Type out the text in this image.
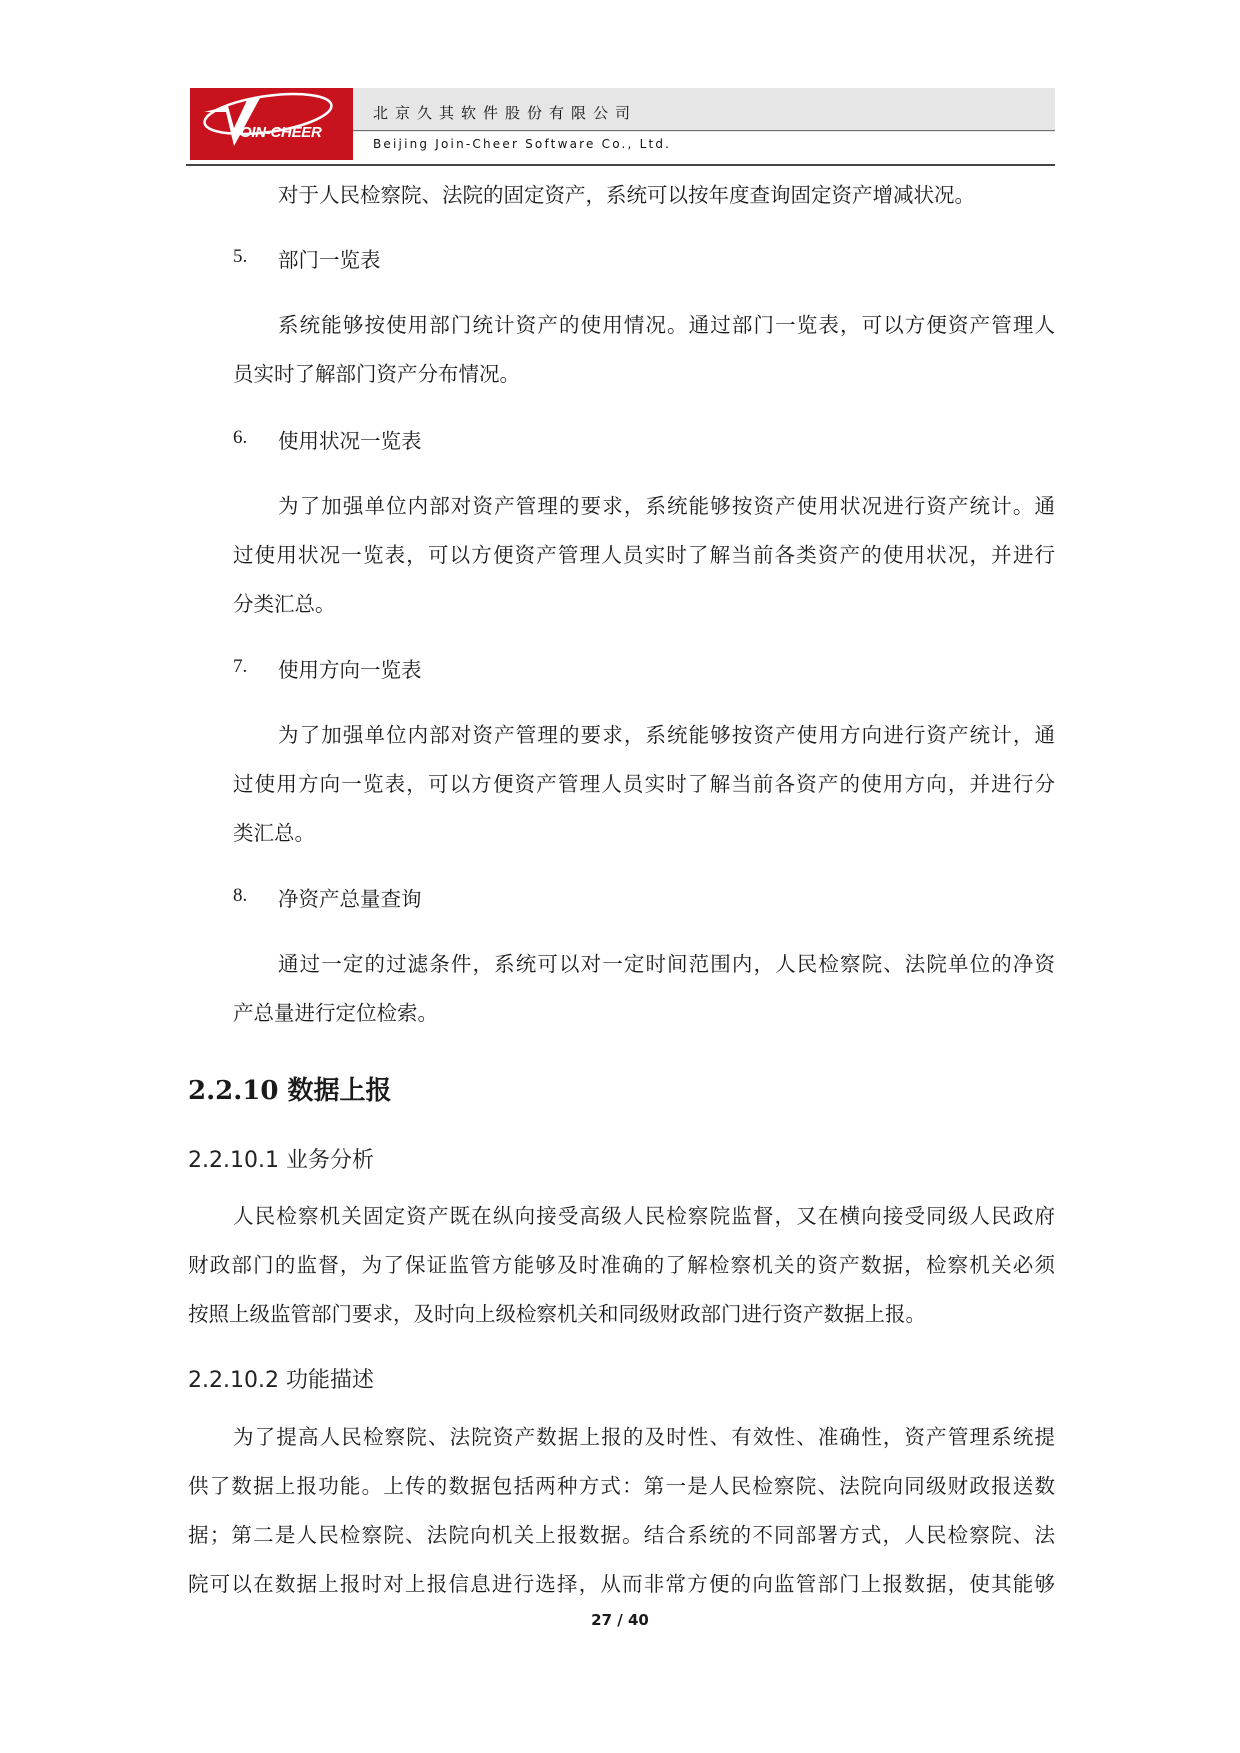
JOIN-CHEER
北京久其软件股份有限公司
Beijing Join-Cheer Software Co., Ltd.
对于人民检察院、法院的固定资产，系统可以按年度查询固定资产增减状况。
5. 部门一览表
系统能够按使用部门统计资产的使用情况。通过部门一览表，可以方便资产管理人
员实时了解部门资产分布情况。
6. 使用状况一览表
为了加强单位内部对资产管理的要求，系统能够按资产使用状况进行资产统计。通
过使用状况一览表，可以方便资产管理人员实时了解当前各类资产的使用状况，并进行
分类汇总。
7. 使用方向一览表
为了加强单位内部对资产管理的要求，系统能够按资产使用方向进行资产统计，通
过使用方向一览表，可以方便资产管理人员实时了解当前各资产的使用方向，并进行分
类汇总。
8. 净资产总量查询
通过一定的过滤条件，系统可以对一定时间范围内，人民检察院、法院单位的净资
产总量进行定位检索。
2.2.10 数据上报
2.2.10.1 业务分析
人民检察机关固定资产既在纵向接受高级人民检察院监督，又在横向接受同级人民政府
财政部门的监督，为了保证监管方能够及时准确的了解检察机关的资产数据，检察机关必须
按照上级监管部门要求，及时向上级检察机关和同级财政部门进行资产数据上报。
2.2.10.2 功能描述
为了提高人民检察院、法院资产数据上报的及时性、有效性、准确性，资产管理系统提
供了数据上报功能。上传的数据包括两种方式：第一是人民检察院、法院向同级财政报送数
据；第二是人民检察院、法院向机关上报数据。结合系统的不同部署方式，人民检察院、法
院可以在数据上报时对上报信息进行选择，从而非常方便的向监管部门上报数据，使其能够
27 / 40
